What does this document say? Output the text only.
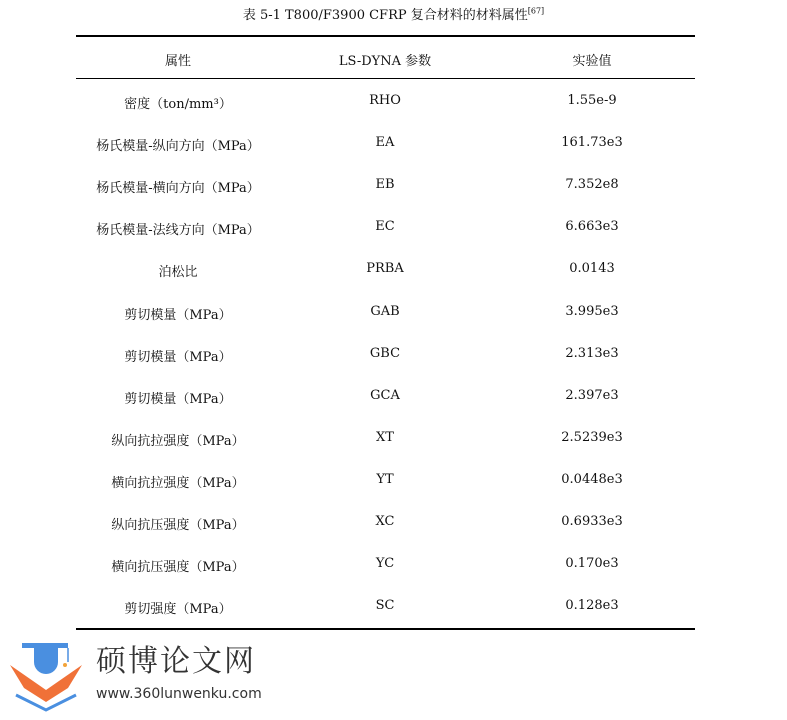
表 5-1 T800/F3900 CFRP 复合材料的材料属性[67]
属性	LS-DYNA 参数	实验值
密度（ton/mm³）	RHO	1.55e-9
杨氏模量-纵向方向（MPa）	EA	161.73e3
杨氏模量-横向方向（MPa）	EB	7.352e8
杨氏模量-法线方向（MPa）	EC	6.663e3
泊松比	PRBA	0.0143
剪切模量（MPa）	GAB	3.995e3
剪切模量（MPa）	GBC	2.313e3
剪切模量（MPa）	GCA	2.397e3
纵向抗拉强度（MPa）	XT	2.5239e3
横向抗拉强度（MPa）	YT	0.0448e3
纵向抗压强度（MPa）	XC	0.6933e3
横向抗压强度（MPa）	YC	0.170e3
剪切强度（MPa）	SC	0.128e3
硕博论文网
www.360lunwenku.com
